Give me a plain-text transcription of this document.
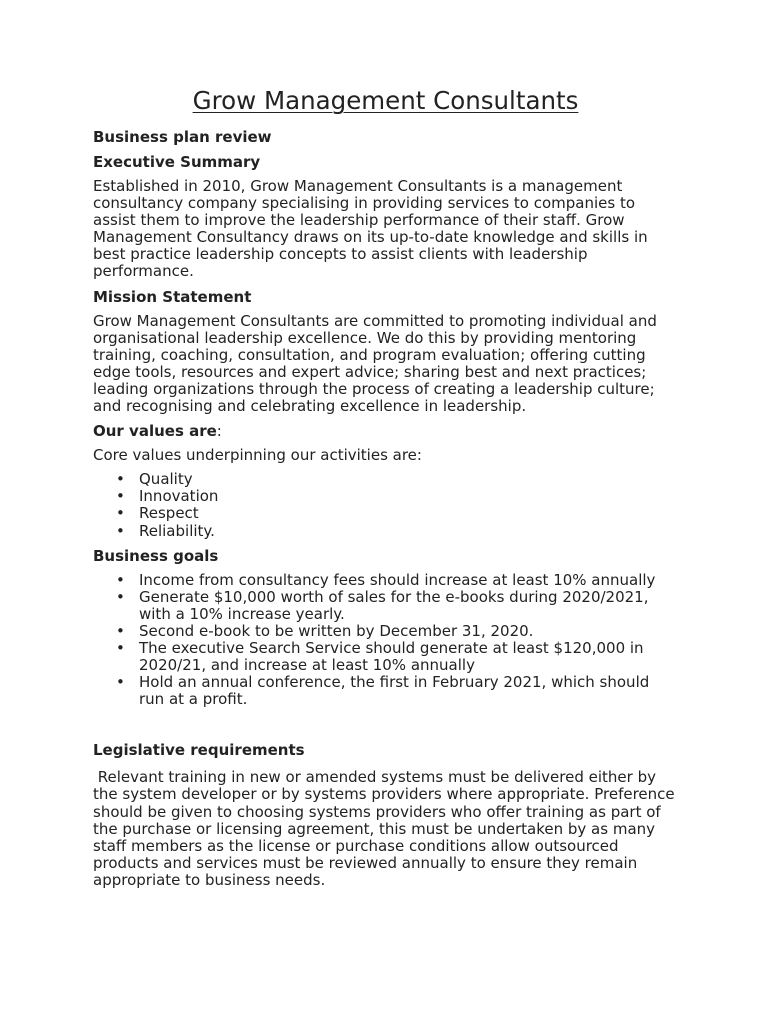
Grow Management Consultants
Business plan review
Executive Summary

Established in 2010, Grow Management Consultants is a management consultancy company specialising in providing services to companies to assist them to improve the leadership performance of their staff. Grow Management Consultancy draws on its up-to-date knowledge and skills in best practice leadership concepts to assist clients with leadership performance.

Mission Statement

Grow Management Consultants are committed to promoting individual and organisational leadership excellence. We do this by providing mentoring training, coaching, consultation, and program evaluation; offering cutting edge tools, resources and expert advice; sharing best and next practices; leading organizations through the process of creating a leadership culture; and recognising and celebrating excellence in leadership.

Our values are:

Core values underpinning our activities are:

• Quality
• Innovation
• Respect
• Reliability.
Business goals
• Income from consultancy fees should increase at least 10% annually
• Generate $10,000 worth of sales for the e-books during 2020/2021, with a 10% increase yearly.
• Second e-book to be written by December 31, 2020.
• The executive Search Service should generate at least $120,000 in 2020/21, and increase at least 10% annually
• Hold an annual conference, the first in February 2021, which should run at a profit.
Legislative requirements

Relevant training in new or amended systems must be delivered either by the system developer or by systems providers where appropriate. Preference should be given to choosing systems providers who offer training as part of the purchase or licensing agreement, this must be undertaken by as many staff members as the license or purchase conditions allow outsourced products and services must be reviewed annually to ensure they remain appropriate to business needs.
